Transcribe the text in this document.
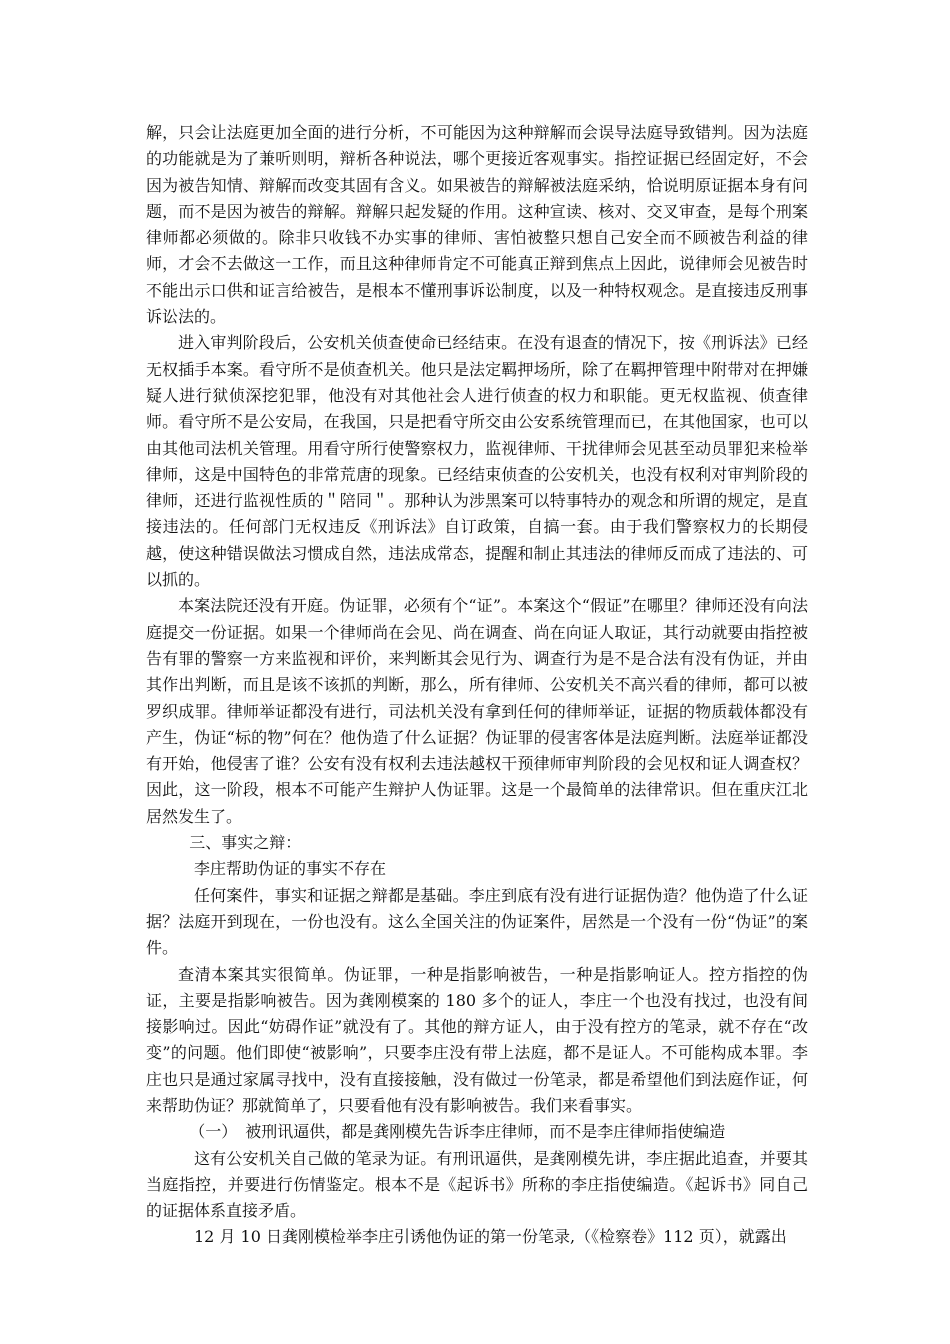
解，只会让法庭更加全面的进行分析，不可能因为这种辩解而会误导法庭导致错判。因为法庭的功能就是为了兼听则明，辩析各种说法，哪个更接近客观事实。指控证据已经固定好，不会因为被告知情、辩解而改变其固有含义。如果被告的辩解被法庭采纳，恰说明原证据本身有问题，而不是因为被告的辩解。辩解只起发疑的作用。这种宣读、核对、交叉审查，是每个刑案律师都必须做的。除非只收钱不办实事的律师、害怕被整只想自己安全而不顾被告利益的律师，才会不去做这一工作，而且这种律师肯定不可能真正辩到焦点上因此，说律师会见被告时不能出示口供和证言给被告，是根本不懂刑事诉讼制度，以及一种特权观念。是直接违反刑事诉讼法的。

进入审判阶段后，公安机关侦查使命已经结束。在没有退查的情况下，按《刑诉法》已经无权插手本案。看守所不是侦查机关。他只是法定羁押场所，除了在羁押管理中附带对在押嫌疑人进行狱侦深挖犯罪，他没有对其他社会人进行侦查的权力和职能。更无权监视、侦查律师。看守所不是公安局，在我国，只是把看守所交由公安系统管理而已，在其他国家，也可以由其他司法机关管理。用看守所行使警察权力，监视律师、干扰律师会见甚至动员罪犯来检举律师，这是中国特色的非常荒唐的现象。已经结束侦查的公安机关，也没有权利对审判阶段的律师，还进行监视性质的＂陪同＂。那种认为涉黑案可以特事特办的观念和所谓的规定，是直接违法的。任何部门无权违反《刑诉法》自订政策，自搞一套。由于我们警察权力的长期侵越，使这种错误做法习惯成自然，违法成常态，提醒和制止其违法的律师反而成了违法的、可以抓的。

本案法院还没有开庭。伪证罪，必须有个“证”。本案这个“假证”在哪里？律师还没有向法庭提交一份证据。如果一个律师尚在会见、尚在调查、尚在向证人取证，其行动就要由指控被告有罪的警察一方来监视和评价，来判断其会见行为、调查行为是不是合法有没有伪证，并由其作出判断，而且是该不该抓的判断，那么，所有律师、公安机关不高兴看的律师，都可以被罗织成罪。律师举证都没有进行，司法机关没有拿到任何的律师举证，证据的物质载体都没有产生，伪证“标的物”何在？他伪造了什么证据？伪证罪的侵害客体是法庭判断。法庭举证都没有开始，他侵害了谁？公安有没有权利去违法越权干预律师审判阶段的会见权和证人调查权？因此，这一阶段，根本不可能产生辩护人伪证罪。这是一个最简单的法律常识。但在重庆江北居然发生了。

三、事实之辩：

李庄帮助伪证的事实不存在

任何案件，事实和证据之辩都是基础。李庄到底有没有进行证据伪造？他伪造了什么证据？法庭开到现在，一份也没有。这么全国关注的伪证案件，居然是一个没有一份“伪证”的案件。

查清本案其实很简单。伪证罪，一种是指影响被告，一种是指影响证人。控方指控的伪证，主要是指影响被告。因为龚刚模案的 180 多个的证人，李庄一个也没有找过，也没有间接影响过。因此“妨碍作证”就没有了。其他的辩方证人，由于没有控方的笔录，就不存在“改变”的问题。他们即使“被影响”，只要李庄没有带上法庭，都不是证人。不可能构成本罪。李庄也只是通过家属寻找中，没有直接接触，没有做过一份笔录，都是希望他们到法庭作证，何来帮助伪证？那就简单了，只要看他有没有影响被告。我们来看事实。

（一）　被刑讯逼供，都是龚刚模先告诉李庄律师，而不是李庄律师指使编造

这有公安机关自己做的笔录为证。有刑讯逼供，是龚刚模先讲，李庄据此追查，并要其当庭指控，并要进行伤情鉴定。根本不是《起诉书》所称的李庄指使编造。《起诉书》同自己的证据体系直接矛盾。

12 月 10 日龚刚模检举李庄引诱他伪证的第一份笔录,（《检察卷》112 页），就露出
